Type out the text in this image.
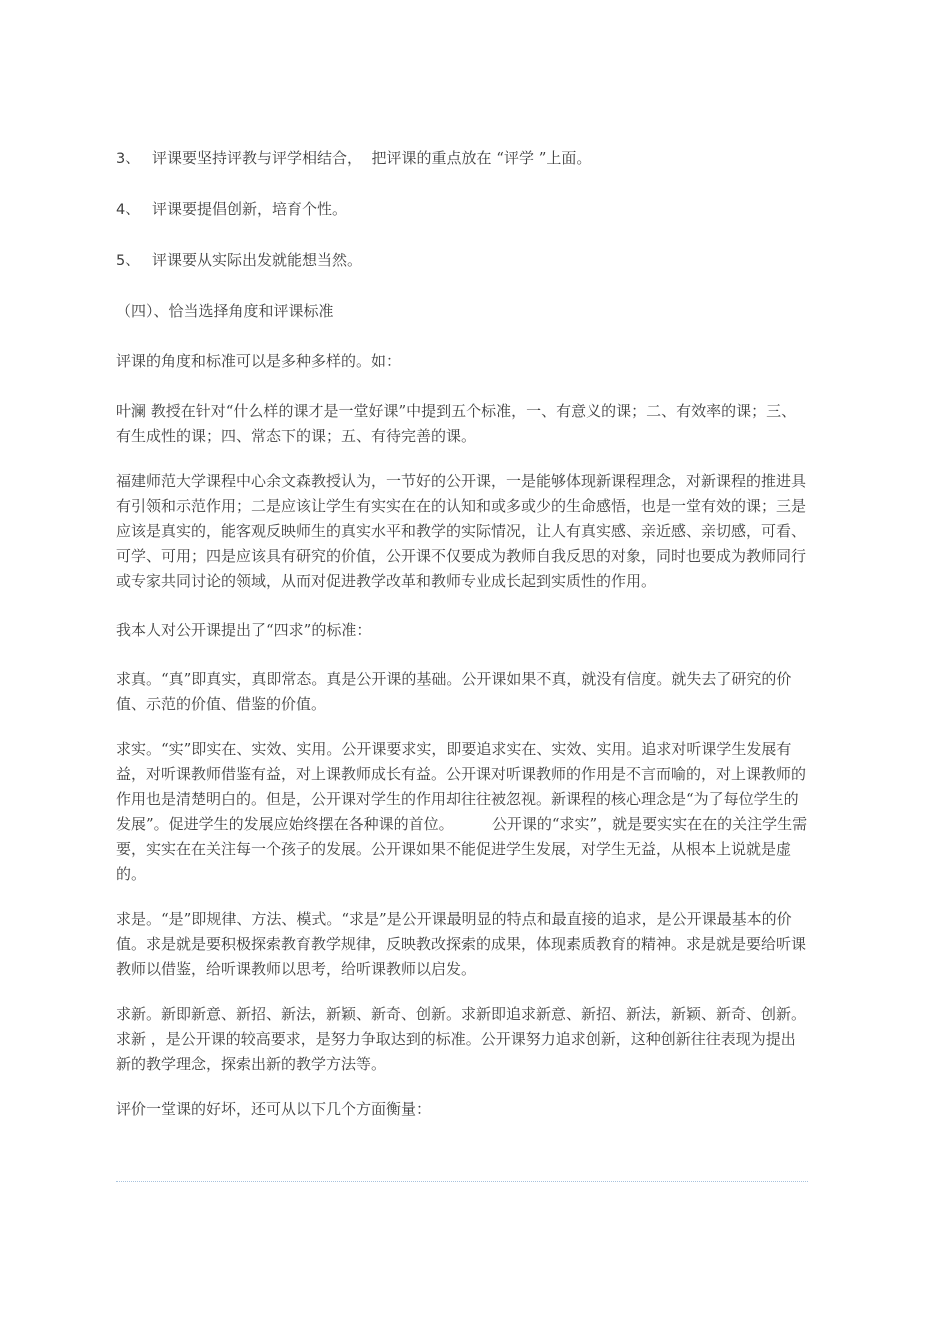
3、 评课要坚持评教与评学相结合，  把评课的重点放在 “评学 ”上面。
4、 评课要提倡创新，培育个性。
5、 评课要从实际出发就能想当然。

（四）、恰当选择角度和评课标准

评课的角度和标准可以是多种多样的。如：

叶澜 教授在针对“什么样的课才是一堂好课”中提到五个标准，一、有意义的课；二、有效率的课；三、有生成性的课；四、常态下的课；五、有待完善的课。

福建师范大学课程中心余文森教授认为，一节好的公开课，一是能够体现新课程理念，对新课程的推进具有引领和示范作用；二是应该让学生有实实在在的认知和或多或少的生命感悟，也是一堂有效的课；三是应该是真实的，能客观反映师生的真实水平和教学的实际情况，让人有真实感、亲近感、亲切感，可看、可学、可用；四是应该具有研究的价值，公开课不仅要成为教师自我反思的对象，同时也要成为教师同行或专家共同讨论的领域，从而对促进教学改革和教师专业成长起到实质性的作用。

我本人对公开课提出了“四求”的标准：

求真。“真”即真实，真即常态。真是公开课的基础。公开课如果不真，就没有信度。就失去了研究的价值、示范的价值、借鉴的价值。

求实。“实”即实在、实效、实用。公开课要求实，即要追求实在、实效、实用。追求对听课学生发展有益，对听课教师借鉴有益，对上课教师成长有益。公开课对听课教师的作用是不言而喻的，对上课教师的作用也是清楚明白的。但是，公开课对学生的作用却往往被忽视。新课程的核心理念是“为了每位学生的发展”。促进学生的发展应始终摆在各种课的首位。        公开课的“求实”，就是要实实在在的关注学生需要，实实在在关注每一个孩子的发展。公开课如果不能促进学生发展，对学生无益，从根本上说就是虚的。

求是。“是”即规律、方法、模式。“求是”是公开课最明显的特点和最直接的追求，是公开课最基本的价值。求是就是要积极探索教育教学规律，反映教改探索的成果，体现素质教育的精神。求是就是要给听课教师以借鉴，给听课教师以思考，给听课教师以启发。

求新。新即新意、新招、新法，新颖、新奇、创新。求新即追求新意、新招、新法，新颖、新奇、创新。求新 ，是公开课的较高要求，是努力争取达到的标准。公开课努力追求创新，这种创新往往表现为提出新的教学理念，探索出新的教学方法等。

评价一堂课的好坏，还可从以下几个方面衡量：
